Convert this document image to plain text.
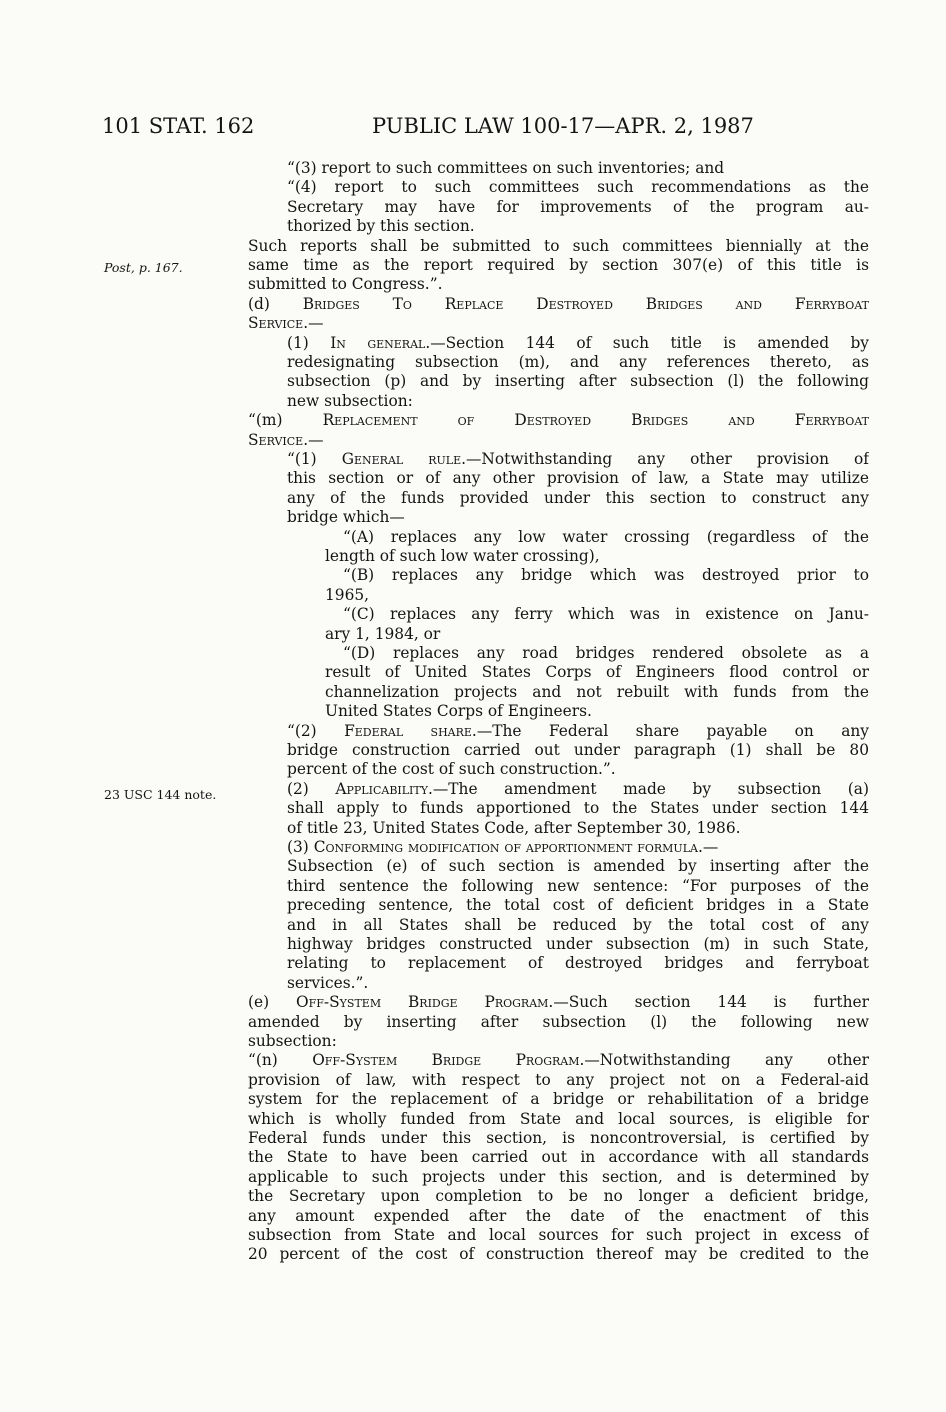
101 STAT. 162	PUBLIC LAW 100-17—APR. 2, 1987
Post, p. 167.
23 USC 144 note.
“(3) report to such committees on such inventories; and
“(4) report to such committees such recommendations as the
Secretary may have for improvements of the program au-
thorized by this section.
Such reports shall be submitted to such committees biennially at the
same time as the report required by section 307(e) of this title is
submitted to Congress.”.
(d) Bridges To Replace Destroyed Bridges and Ferryboat
Service.—
(1) In general.—Section 144 of such title is amended by
redesignating subsection (m), and any references thereto, as
subsection (p) and by inserting after subsection (l) the following
new subsection:
“(m) Replacement of Destroyed Bridges and Ferryboat
Service.—
“(1) General rule.—Notwithstanding any other provision of
this section or of any other provision of law, a State may utilize
any of the funds provided under this section to construct any
bridge which—
“(A) replaces any low water crossing (regardless of the
length of such low water crossing),
“(B) replaces any bridge which was destroyed prior to
1965,
“(C) replaces any ferry which was in existence on Janu-
ary 1, 1984, or
“(D) replaces any road bridges rendered obsolete as a
result of United States Corps of Engineers flood control or
channelization projects and not rebuilt with funds from the
United States Corps of Engineers.
“(2) Federal share.—The Federal share payable on any
bridge construction carried out under paragraph (1) shall be 80
percent of the cost of such construction.”.
(2) Applicability.—The amendment made by subsection (a)
shall apply to funds apportioned to the States under section 144
of title 23, United States Code, after September 30, 1986.
(3) Conforming modification of apportionment formula.—
Subsection (e) of such section is amended by inserting after the
third sentence the following new sentence: “For purposes of the
preceding sentence, the total cost of deficient bridges in a State
and in all States shall be reduced by the total cost of any
highway bridges constructed under subsection (m) in such State,
relating to replacement of destroyed bridges and ferryboat
services.”.
(e) Off-System Bridge Program.—Such section 144 is further
amended by inserting after subsection (l) the following new
subsection:
“(n) Off-System Bridge Program.—Notwithstanding any other
provision of law, with respect to any project not on a Federal-aid
system for the replacement of a bridge or rehabilitation of a bridge
which is wholly funded from State and local sources, is eligible for
Federal funds under this section, is noncontroversial, is certified by
the State to have been carried out in accordance with all standards
applicable to such projects under this section, and is determined by
the Secretary upon completion to be no longer a deficient bridge,
any amount expended after the date of the enactment of this
subsection from State and local sources for such project in excess of
20 percent of the cost of construction thereof may be credited to the
